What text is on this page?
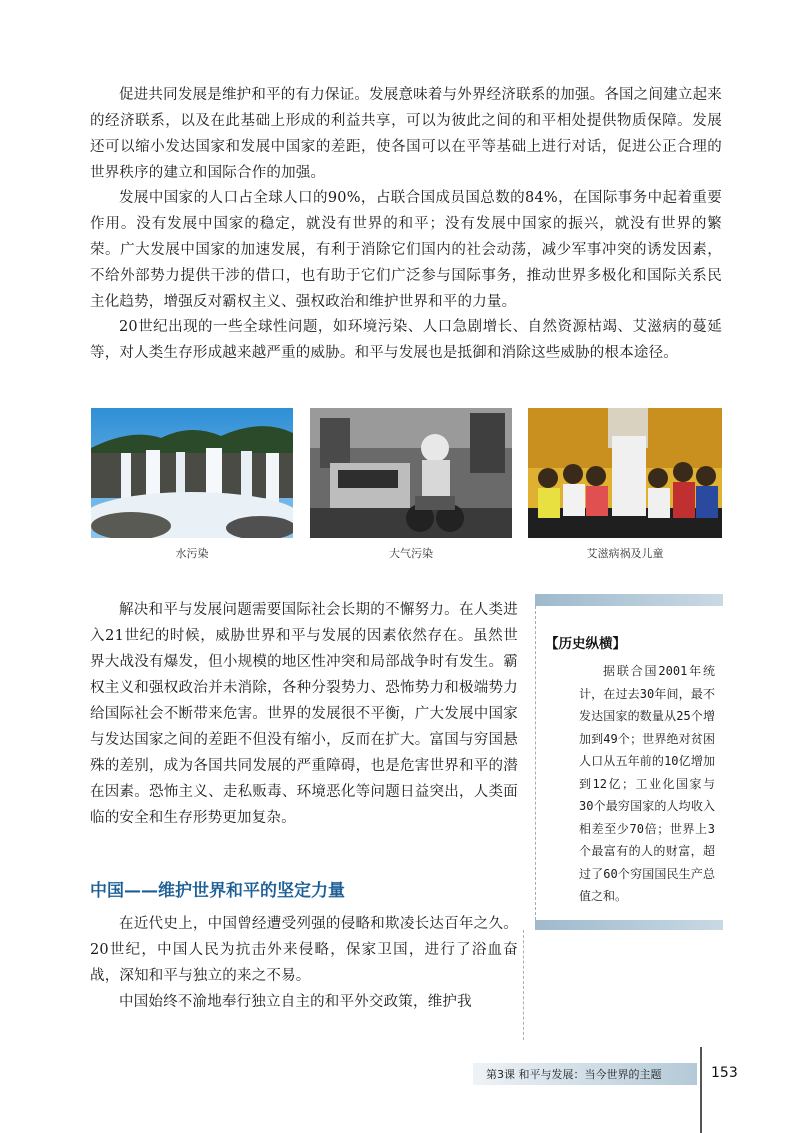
促进共同发展是维护和平的有力保证。发展意味着与外界经济联系的加强。各国之间建立起来的经济联系，以及在此基础上形成的利益共享，可以为彼此之间的和平相处提供物质保障。发展还可以缩小发达国家和发展中国家的差距，使各国可以在平等基础上进行对话，促进公正合理的世界秩序的建立和国际合作的加强。

发展中国家的人口占全球人口的90%，占联合国成员国总数的84%，在国际事务中起着重要作用。没有发展中国家的稳定，就没有世界的和平；没有发展中国家的振兴，就没有世界的繁荣。广大发展中国家的加速发展，有利于消除它们国内的社会动荡，减少军事冲突的诱发因素，不给外部势力提供干涉的借口，也有助于它们广泛参与国际事务，推动世界多极化和国际关系民主化趋势，增强反对霸权主义、强权政治和维护世界和平的力量。

20世纪出现的一些全球性问题，如环境污染、人口急剧增长、自然资源枯竭、艾滋病的蔓延等，对人类生存形成越来越严重的威胁。和平与发展也是抵御和消除这些威胁的根本途径。

水污染	大气污染	艾滋病祸及儿童

解决和平与发展问题需要国际社会长期的不懈努力。在人类进入21世纪的时候，威胁世界和平与发展的因素依然存在。虽然世界大战没有爆发，但小规模的地区性冲突和局部战争时有发生。霸权主义和强权政治并未消除，各种分裂势力、恐怖势力和极端势力给国际社会不断带来危害。世界的发展很不平衡，广大发展中国家与发达国家之间的差距不但没有缩小，反而在扩大。富国与穷国悬殊的差别，成为各国共同发展的严重障碍，也是危害世界和平的潜在因素。恐怖主义、走私贩毒、环境恶化等问题日益突出，人类面临的安全和生存形势更加复杂。

【历史纵横】

据联合国2001年统计，在过去30年间，最不发达国家的数量从25个增加到49个；世界绝对贫困人口从五年前的10亿增加到12亿；工业化国家与30个最穷国家的人均收入相差至少70倍；世界上3个最富有的人的财富，超过了60个穷国国民生产总值之和。

中国——维护世界和平的坚定力量

在近代史上，中国曾经遭受列强的侵略和欺凌长达百年之久。20世纪，中国人民为抗击外来侵略，保家卫国，进行了浴血奋战，深知和平与独立的来之不易。

中国始终不渝地奉行独立自主的和平外交政策，维护我

第3课 和平与发展：当今世界的主题	153
